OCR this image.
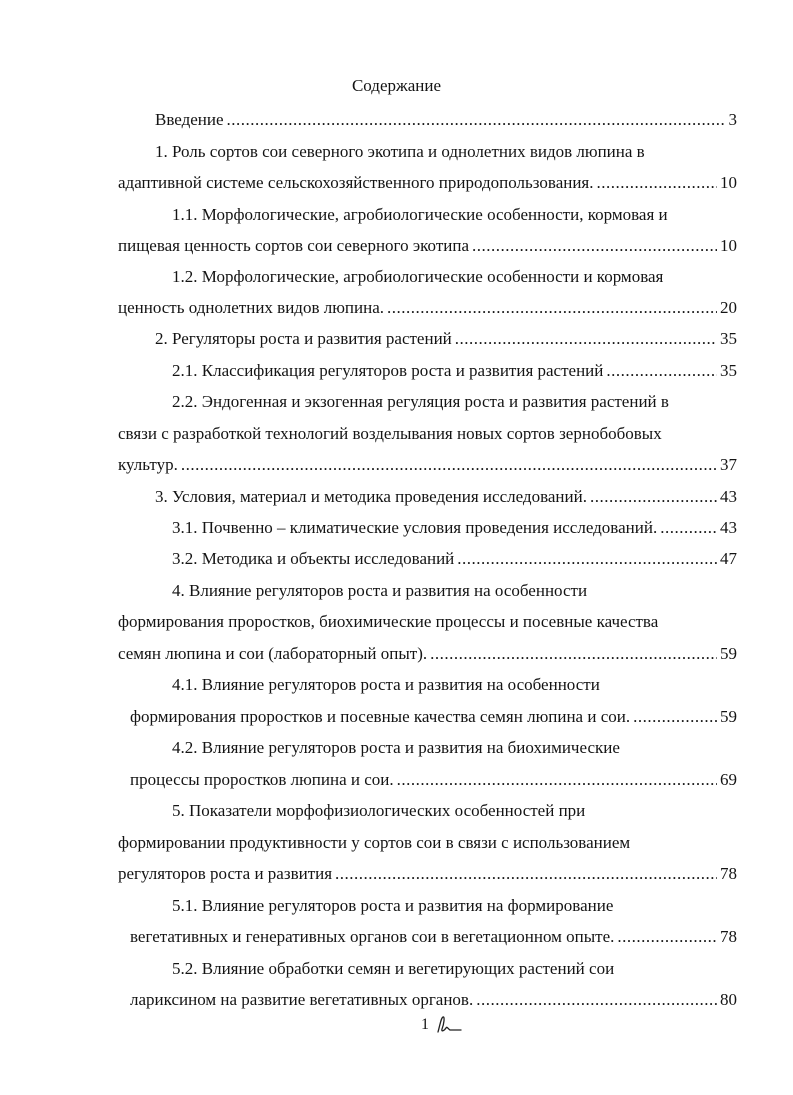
Содержание
Введение .....	3
1. Роль сортов сои северного экотипа и однолетних видов люпина в
адаптивной системе сельскохозяйственного природопользования. .....	10
1.1. Морфологические, агробиологические особенности, кормовая и
пищевая ценность сортов сои северного экотипа .....	10
1.2. Морфологические, агробиологические особенности и кормовая
ценность однолетних видов люпина. .....	20
2. Регуляторы роста и развития растений .....	35
2.1. Классификация регуляторов роста и развития растений .....	35
2.2. Эндогенная и экзогенная регуляция роста и развития растений в
связи с разработкой технологий возделывания новых сортов зернобобовых
культур. .....	37
3. Условия, материал и методика проведения исследований. .....	43
3.1. Почвенно – климатические условия проведения исследований. .....	43
3.2. Методика и объекты исследований .....	47
4. Влияние регуляторов роста и развития на особенности
формирования проростков, биохимические процессы и посевные качества
семян люпина и сои (лабораторный опыт). .....	59
4.1. Влияние регуляторов роста и развития на особенности
формирования проростков и посевные качества семян люпина и сои. .....	59
4.2. Влияние регуляторов роста и развития на биохимические
процессы проростков люпина и сои. .....	69
5. Показатели морфофизиологических особенностей при
формировании продуктивности у сортов сои в связи с использованием
регуляторов роста и развития .....	78
5.1. Влияние регуляторов роста и развития на формирование
вегетативных и генеративных органов сои в вегетационном опыте. .....	78
5.2. Влияние обработки семян и вегетирующих растений сои
лариксином на развитие вегетативных органов. .....	80
1
